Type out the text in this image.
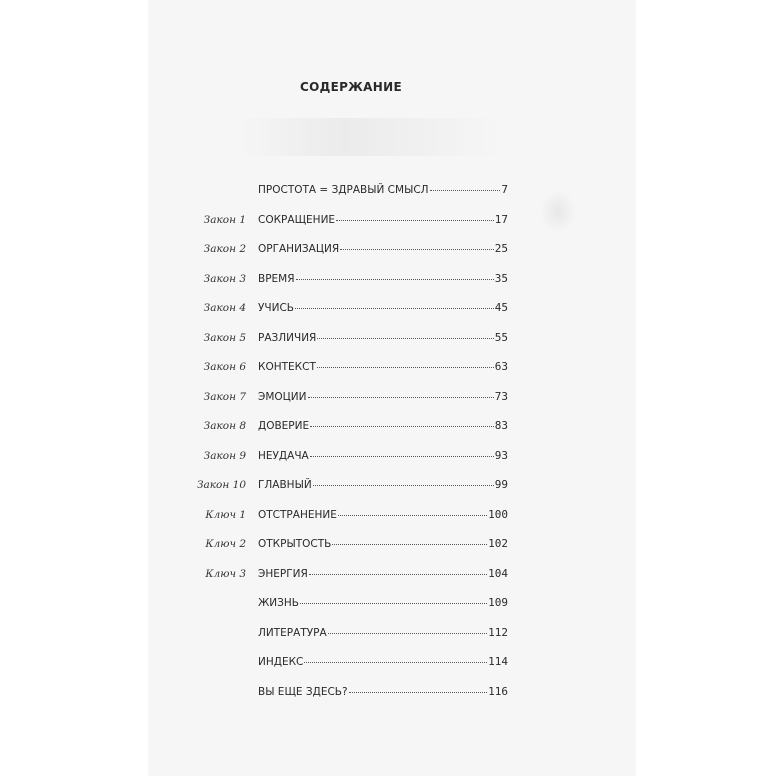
СОДЕРЖАНИЕ
ПРОСТОТА = ЗДРАВЫЙ СМЫСЛ	7
Закон 1 СОКРАЩЕНИЕ	17
Закон 2 ОРГАНИЗАЦИЯ	25
Закон 3 ВРЕМЯ	35
Закон 4 УЧИСЬ	45
Закон 5 РАЗЛИЧИЯ	55
Закон 6 КОНТЕКСТ	63
Закон 7 ЭМОЦИИ	73
Закон 8 ДОВЕРИЕ	83
Закон 9 НЕУДАЧА	93
Закон 10 ГЛАВНЫЙ	99
Ключ 1 ОТСТРАНЕНИЕ	100
Ключ 2 ОТКРЫТОСТЬ	102
Ключ 3 ЭНЕРГИЯ	104
ЖИЗНЬ	109
ЛИТЕРАТУРА	112
ИНДЕКС	114
ВЫ ЕЩЕ ЗДЕСЬ?	116
